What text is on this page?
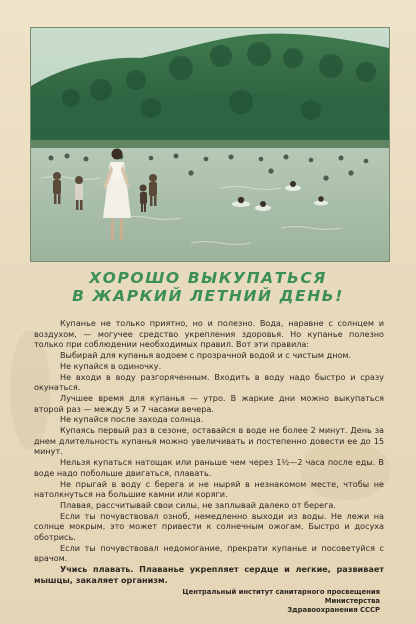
ХОРОШО ВЫКУПАТЬСЯ
В ЖАРКИЙ ЛЕТНИЙ ДЕНЬ!

Купанье не только приятно, но и полезно. Вода, наравне с солнцем и воздухом, — могучее средство укрепления здоровья. Но купанье полезно только при соблюдении необходимых правил. Вот эти правила:

Выбирай для купанья водоем с прозрачной водой и с чистым дном.

Не купайся в одиночку.

Не входи в воду разгоряченным. Входить в воду надо быстро и сразу окунаться.

Лучшее время для купанья — утро. В жаркие дни можно выкупаться второй раз — между 5 и 7 часами вечера.

Не купайся после захода солнца.

Купаясь первый раз в сезоне, оставайся в воде не более 2 минут. День за днем длительность купанья можно увеличивать и постепенно довести ее до 15 минут.

Нельзя купаться натощак или раньше чем через 1½—2 часа после еды. В воде надо побольше двигаться, плавать.

Не прыгай в воду с берега и не ныряй в незнакомом месте, чтобы не натолкнуться на большие камни или коряги.

Плавая, рассчитывай свои силы, не заплывай далеко от берега.

Если ты почувствовал озноб, немедленно выходи из воды. Не лежи на солнце мокрым, это может привести к солнечным ожогам. Быстро и досуха оботрись.

Если ты почувствовал недомогание, прекрати купанье и посоветуйся с врачом.

Учись плавать. Плаванье укрепляет сердце и легкие, развивает мышцы, закаляет организм.

Центральный институт санитарного просвещения Министерства
Здравоохранения СССР
